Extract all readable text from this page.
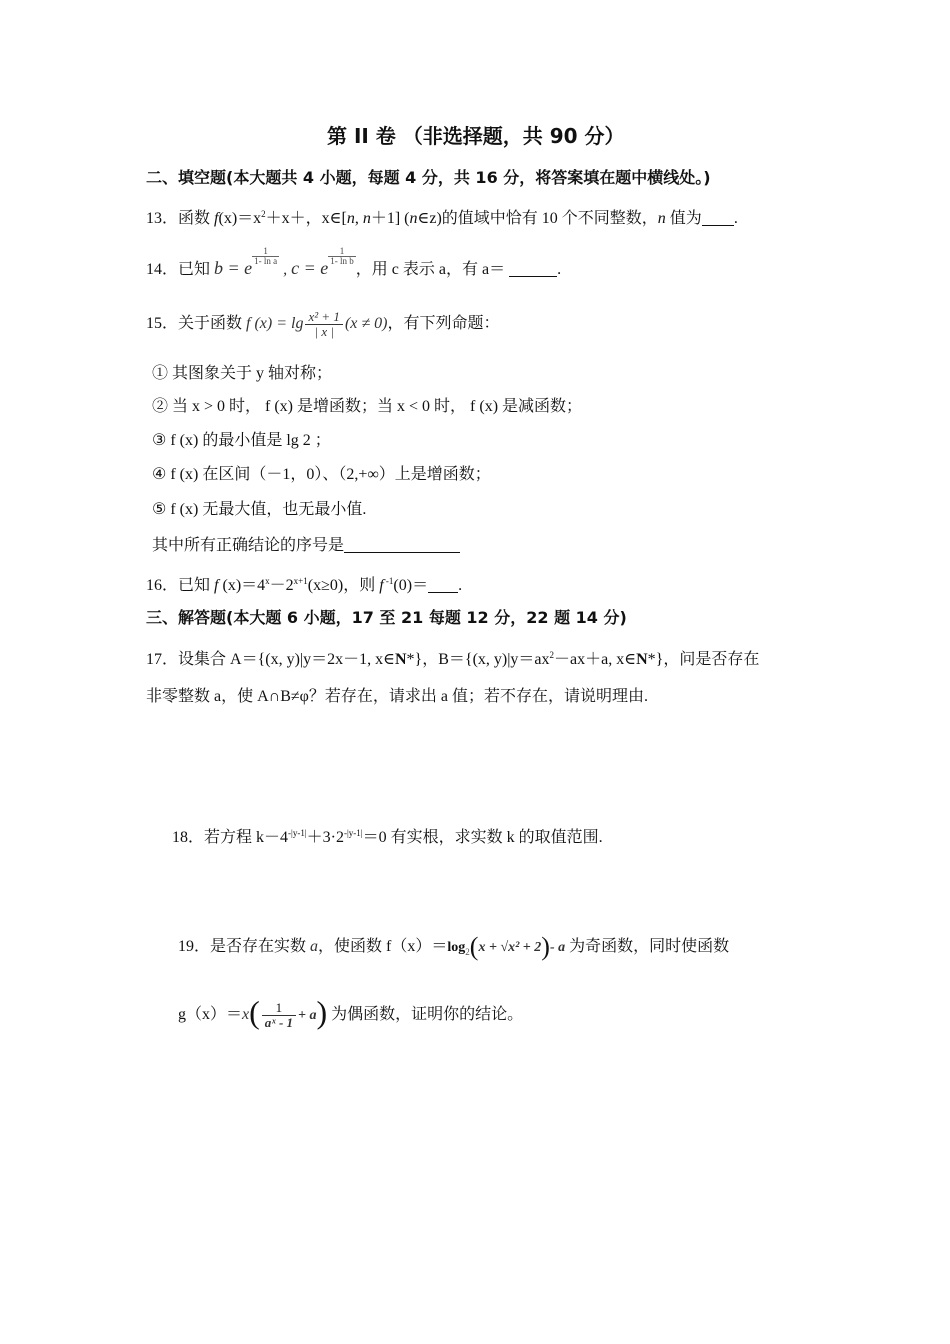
第 II 卷 （非选择题，共 90 分）
二、填空题(本大题共 4 小题，每题 4 分，共 16 分，将答案填在题中横线处。)
13．函数 $f(x)=x^2+x+$，x∈[n, n＋1] (n∈z)的值域中恰有 10 个不同整数，n 值为 .
14．已知 b = e
$\frac{1}{\text{1- ln a}}$
, c = e
$\frac{1}{\text{1- ln b}}$
，用 c 表示 a，有 a＝	.
15．关于函数 f $(x) = \lg \frac{\text{x² + 1}}{| x |} (x \ne 0)$，有下列命题：
① 其图象关于 y 轴对称；
② 当 x > 0 时， f (x) 是增函数；当 x < 0 时， f (x) 是减函数；
③ f (x) 的最小值是 lg 2 ；
④ f (x) 在区间（－1，0）、（2,+∞）上是增函数；
⑤ f (x) 无最大值，也无最小值.
其中所有正确结论的序号是
16．已知 f $(x)=4^x-2^{x+1}(x\ge 0)$，则 f $^{-1}$(0)＝ .
三、解答题(本大题 6 小题，17 至 21 每题 12 分，22 题 14 分)
17．设集合 A＝{(x, y)|y＝2x－1, x∈N*}，B＝{(x, $y)|y=ax^2-ax+a$, x∈N*}，问是否存在
非零整数 a，使 A∩B≠φ？若存在，请求出 a 值；若不存在，请说明理由.
18．若方程 $k-4^{-|y-1|}+3\cdot 2^{-|y-1|}=0$ 有实根，求实数 k 的取值范围.
19．是否存在实数 a，使函数 $f(x)=\log_2(x + √x^2 + 2)-$ a 为奇函数，同时使函数
$g(x)=x( \frac{1}{\text{aˣ - 1}} + a)$ 为偶函数，证明你的结论。
